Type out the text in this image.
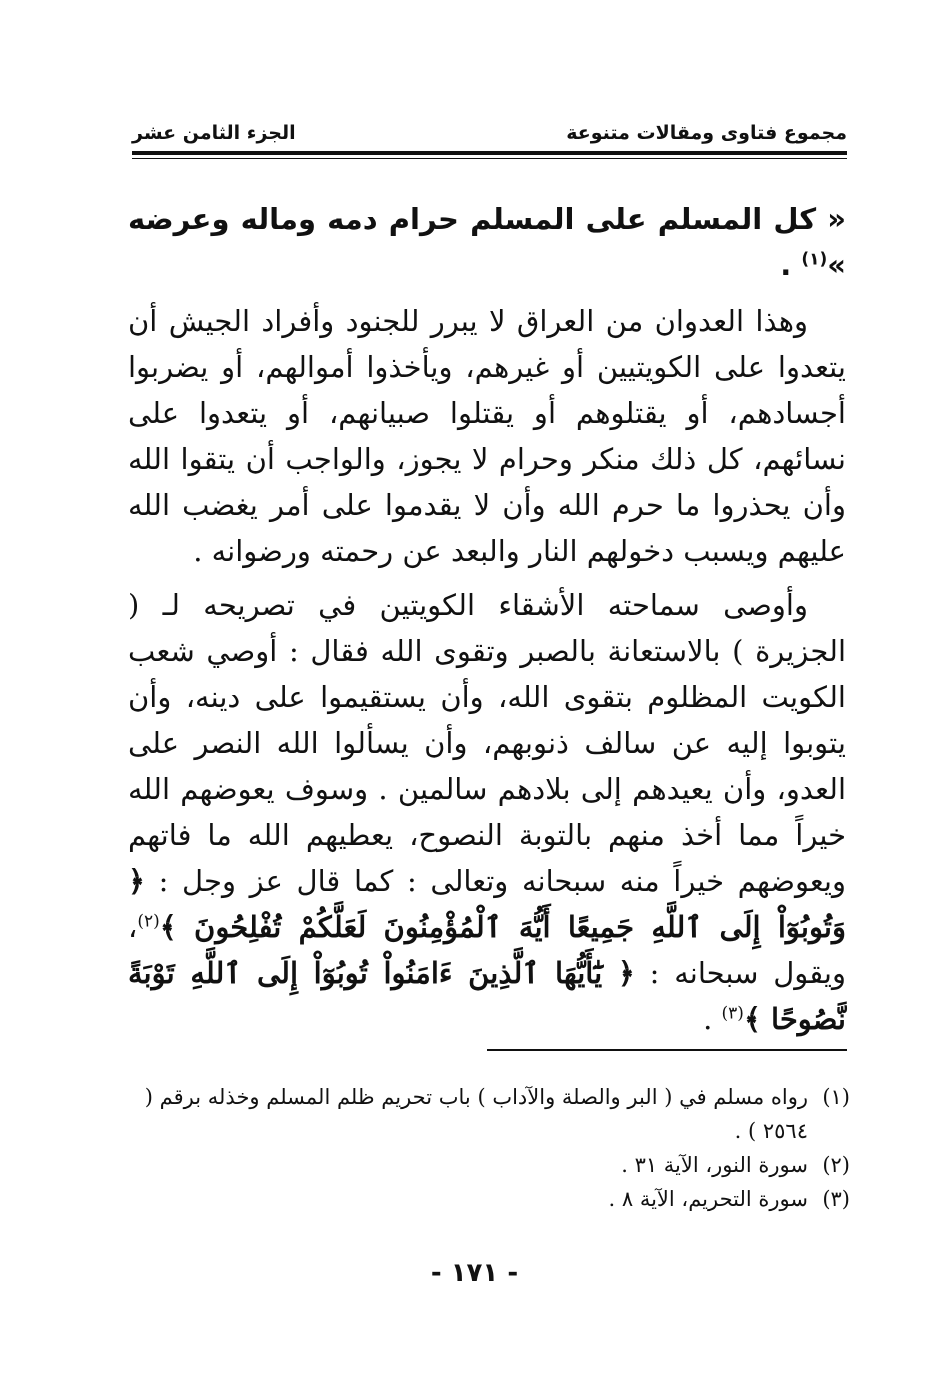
مجموع فتاوى ومقالات متنوعة
الجزء الثامن عشر

« كل المسلم على المسلم حرام دمه وماله وعرضه »$^{(١)}$ .

وهذا العدوان من العراق لا يبرر للجنود وأفراد الجيش أن يتعدوا على الكويتيين أو غيرهم، ويأخذوا أموالهم، أو يضربوا أجسادهم، أو يقتلوهم أو يقتلوا صبيانهم، أو يتعدوا على نسائهم، كل ذلك منكر وحرام لا يجوز، والواجب أن يتقوا الله وأن يحذروا ما حرم الله وأن لا يقدموا على أمر يغضب الله عليهم ويسبب دخولهم النار والبعد عن رحمته ورضوانه .

وأوصى سماحته الأشقاء الكويتين في تصريحه لـ ( الجزيرة ) بالاستعانة بالصبر وتقوى الله فقال : أوصي شعب الكويت المظلوم بتقوى الله، وأن يستقيموا على دينه، وأن يتوبوا إليه عن سالف ذنوبهم، وأن يسألوا الله النصر على العدو، وأن يعيدهم إلى بلادهم سالمين . وسوف يعوضهم الله خيراً مما أخذ منهم بالتوبة النصوح، يعطيهم الله ما فاتهم ويعوضهم خيراً منه سبحانه وتعالى : كما قال عز وجل : ﴿ وَتُوبُوٓاْ إِلَى ٱللَّهِ جَمِيعًا أَيُّهَ ٱلْمُؤْمِنُونَ لَعَلَّكُمْ تُفْلِحُونَ ﴾$^{(٢)}$، ويقول سبحانه : ﴿ يَٰٓأَيُّهَا ٱلَّذِينَ ءَامَنُواْ تُوبُوٓاْ إِلَى ٱللَّهِ تَوْبَةً نَّصُوحًا ﴾$^{(٣)}$ .

(١)
رواه مسلم في ( البر والصلة والآداب ) باب تحريم ظلم المسلم وخذله برقم ( ٢٥٦٤ ) .
(٢)
سورة النور، الآية ٣١ .
(٣)
سورة التحريم، الآية ٨ .
- ١٧١ -
